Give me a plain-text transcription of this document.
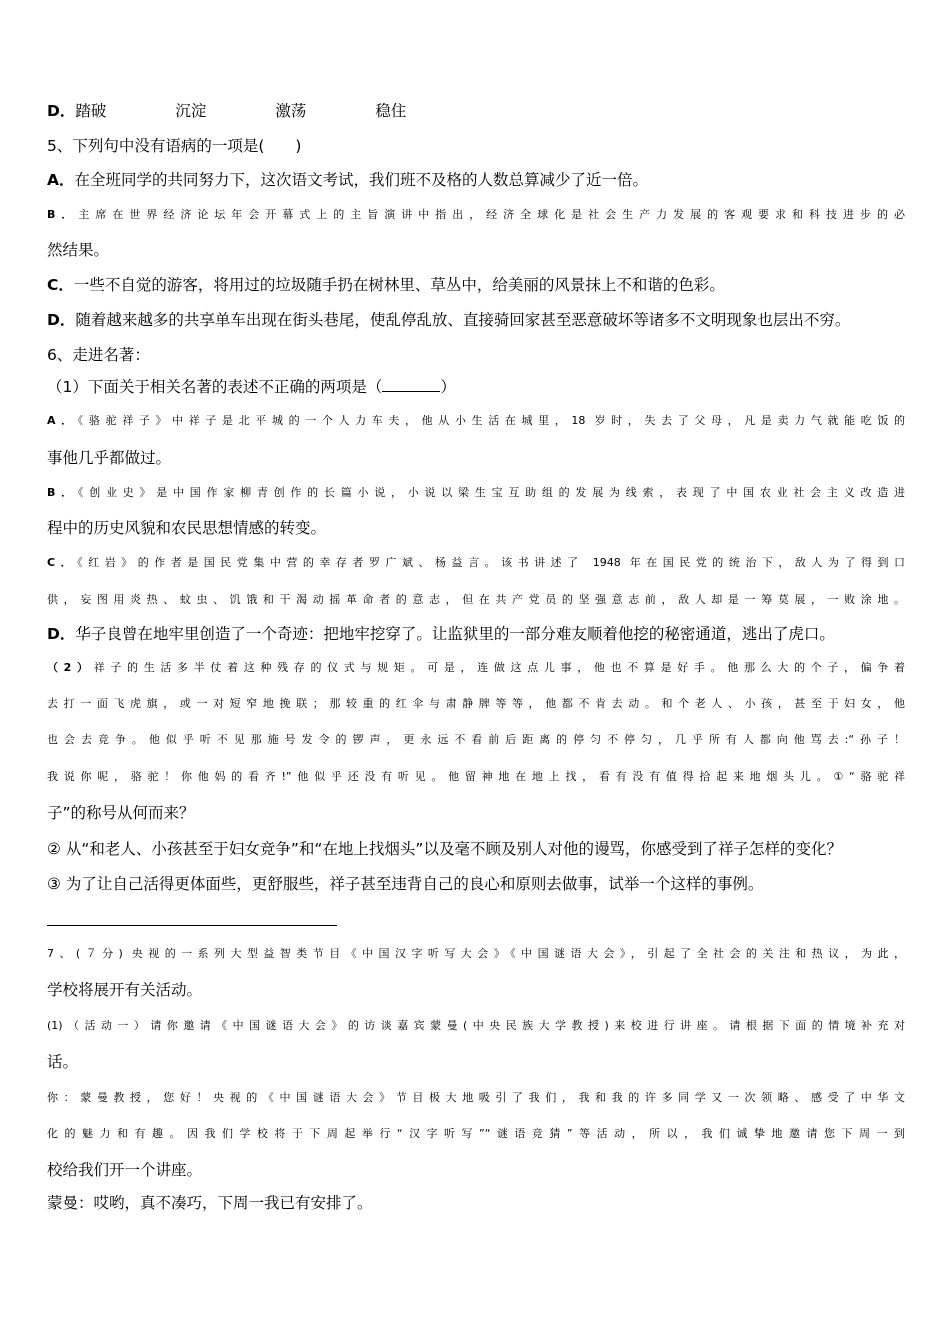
D．踏破	沉淀	激荡	稳住
5、下列句中没有语病的一项是(　　)
A．在全班同学的共同努力下，这次语文考试，我们班不及格的人数总算减少了近一倍。
B．主席在世界经济论坛年会开幕式上的主旨演讲中指出，经济全球化是社会生产力发展的客观要求和科技进步的必
然结果。
C．一些不自觉的游客，将用过的垃圾随手扔在树林里、草丛中，给美丽的风景抹上不和谐的色彩。
D．随着越来越多的共享单车出现在街头巷尾，使乱停乱放、直接骑回家甚至恶意破坏等诸多不文明现象也层出不穷。
6、走进名著：
（1）下面关于相关名著的表述不正确的两项是（	）
A．《骆驼祥子》中祥子是北平城的一个人力车夫，他从小生活在城里，18 岁时，失去了父母，凡是卖力气就能吃饭的
事他几乎都做过。
B．《创业史》是中国作家柳青创作的长篇小说，小说以梁生宝互助组的发展为线索，表现了中国农业社会主义改造进
程中的历史风貌和农民思想情感的转变。
C．《红岩》的作者是国民党集中营的幸存者罗广斌、杨益言。该书讲述了 1948 年在国民党的统治下，敌人为了得到口
供，妄图用炎热、蚊虫、饥饿和干渴动摇革命者的意志，但在共产党员的坚强意志前，敌人却是一筹莫展，一败涂地。
D．华子良曾在地牢里创造了一个奇迹：把地牢挖穿了。让监狱里的一部分难友顺着他挖的秘密通道，逃出了虎口。
（2）祥子的生活多半仗着这种残存的仪式与规矩。可是，连做这点儿事，他也不算是好手。他那么大的个子，偏争着
去打一面飞虎旗，或一对短窄地挽联；那较重的红伞与肃静牌等等，他都不肯去动。和个老人、小孩，甚至于妇女，他
也会去竞争。他似乎听不见那施号发令的锣声，更永远不看前后距离的停匀不停匀，几乎所有人都向他骂去:“孙子！
我说你呢，骆驼！你他妈的看齐!”他似乎还没有听见。他留神地在地上找，看有没有值得拾起来地烟头儿。①“骆驼祥
子”的称号从何而来？
② 从“和老人、小孩甚至于妇女竞争”和“在地上找烟头”以及毫不顾及别人对他的谩骂，你感受到了祥子怎样的变化？
③ 为了让自己活得更体面些，更舒服些，祥子甚至违背自己的良心和原则去做事，试举一个这样的事例。
7、(７分) 央视的一系列大型益智类节目《中国汉字听写大会》《中国谜语大会》，引起了全社会的关注和热议，为此，
学校将展开有关活动。
(1)（活动一）请你邀请《中国谜语大会》的访谈嘉宾蒙曼(中央民族大学教授)来校进行讲座。请根据下面的情境补充对
话。
你：蒙曼教授，您好！央视的《中国谜语大会》节目极大地吸引了我们，我和我的许多同学又一次领略、感受了中华文
化的魅力和有趣。因我们学校将于下周起举行“汉字听写”“谜语竞猜”等活动，所以，我们诚挚地邀请您下周一到
校给我们开一个讲座。
蒙曼：哎哟，真不凑巧，下周一我已有安排了。
